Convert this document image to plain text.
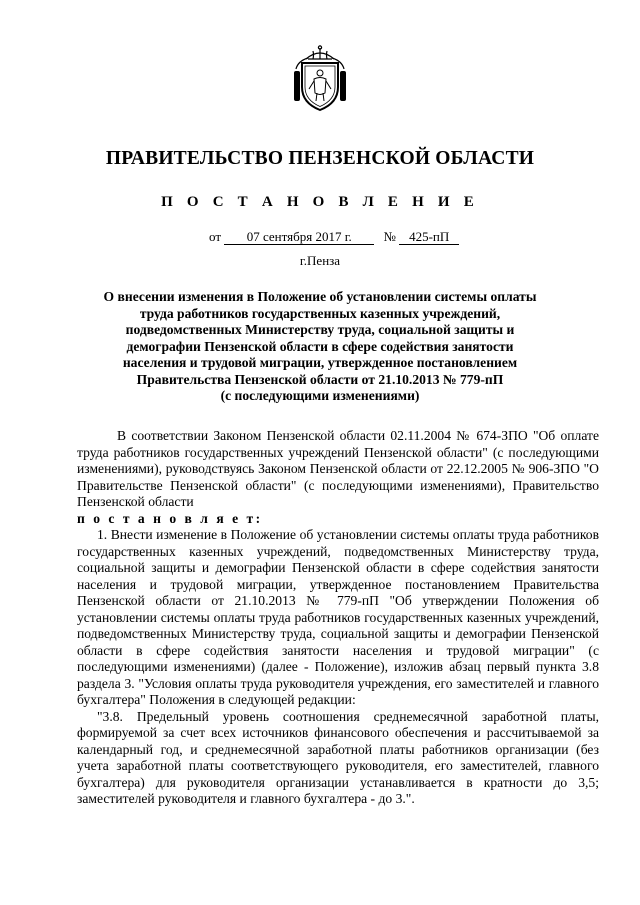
ПРАВИТЕЛЬСТВО ПЕНЗЕНСКОЙ ОБЛАСТИ
П О С Т А Н О В Л Е Н И Е
от 07 сентября 2017 г. № 425-пП
г.Пенза
О внесении изменения в Положение об установлении системы оплаты
труда работников государственных казенных учреждений,
подведомственных Министерству труда, социальной защиты и
демографии Пензенской области в сфере содействия занятости
населения и трудовой миграции, утвержденное постановлением
Правительства Пензенской области от 21.10.2013 № 779-пП
(с последующими изменениями)

В соответствии Законом Пензенской области 02.11.2004 № 674-ЗПО "Об оплате труда работников государственных учреждений Пензенской области" (с последующими изменениями), руководствуясь Законом Пензенской области от 22.12.2005 № 906-ЗПО "О Правительстве Пензенской области" (с последующими изменениями), Правительство Пензенской области

п о с т а н о в л я е т:

1. Внести изменение в Положение об установлении системы оплаты труда работников государственных казенных учреждений, подведомственных Министерству труда, социальной защиты и демографии Пензенской области в сфере содействия занятости населения и трудовой миграции, утвержденное постановлением Правительства Пензенской области от 21.10.2013 № 779-пП "Об утверждении Положения об установлении системы оплаты труда работников государственных казенных учреждений, подведомственных Министерству труда, социальной защиты и демографии Пензенской области в сфере содействия занятости населения и трудовой миграции" (с последующими изменениями) (далее - Положение), изложив абзац первый пункта 3.8 раздела 3. "Условия оплаты труда руководителя учреждения, его заместителей и главного бухгалтера" Положения в следующей редакции:

"3.8. Предельный уровень соотношения среднемесячной заработной платы, формируемой за счет всех источников финансового обеспечения и рассчитываемой за календарный год, и среднемесячной заработной платы работников организации (без учета заработной платы соответствующего руководителя, его заместителей, главного бухгалтера) для руководителя организации устанавливается в кратности до 3,5; заместителей руководителя и главного бухгалтера - до 3.".
